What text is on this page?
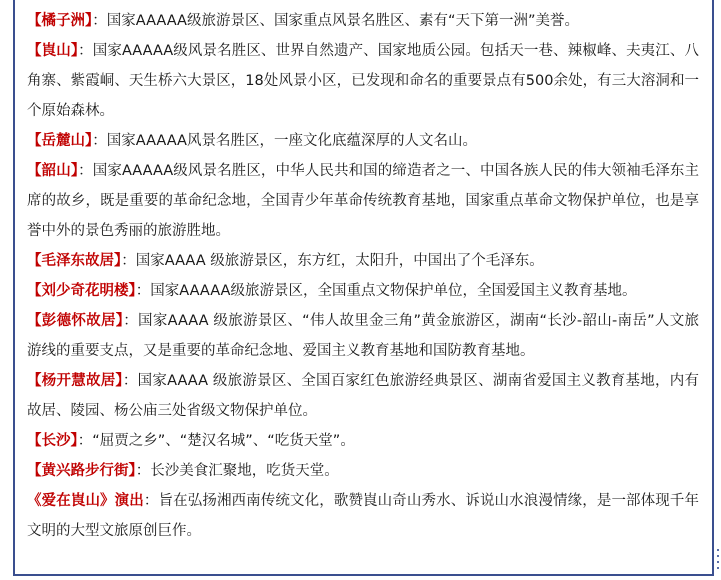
【橘子洲】：国家AAAAA级旅游景区、国家重点风景名胜区、素有“天下第一洲”美誉。

【崀山】：国家AAAAA级风景名胜区、世界自然遗产、国家地质公园。包括天一巷、辣椒峰、夫夷江、八角寨、紫霞峒、天生桥六大景区，18处风景小区，已发现和命名的重要景点有500余处，有三大溶洞和一个原始森林。

【岳麓山】：国家AAAAA风景名胜区，一座文化底蕴深厚的人文名山。

【韶山】：国家AAAAA级风景名胜区，中华人民共和国的缔造者之一、中国各族人民的伟大领袖毛泽东主席的故乡，既是重要的革命纪念地，全国青少年革命传统教育基地，国家重点革命文物保护单位，也是享誉中外的景色秀丽的旅游胜地。

【毛泽东故居】：国家AAAA 级旅游景区，东方红，太阳升，中国出了个毛泽东。

【刘少奇花明楼】：国家AAAAA级旅游景区，全国重点文物保护单位，全国爱国主义教育基地。

【彭德怀故居】：国家AAAA 级旅游景区、“伟人故里金三角”黄金旅游区，湖南“长沙-韶山-南岳”人文旅游线的重要支点，又是重要的革命纪念地、爱国主义教育基地和国防教育基地。

【杨开慧故居】：国家AAAA 级旅游景区、全国百家红色旅游经典景区、湖南省爱国主义教育基地，内有故居、陵园、杨公庙三处省级文物保护单位。

【长沙】：“屈贾之乡”、“楚汉名城”、“吃货天堂”。

【黄兴路步行街】：长沙美食汇聚地，吃货天堂。

《爱在崀山》演出：旨在弘扬湘西南传统文化，歌赞崀山奇山秀水、诉说山水浪漫情缘，是一部体现千年文明的大型文旅原创巨作。
